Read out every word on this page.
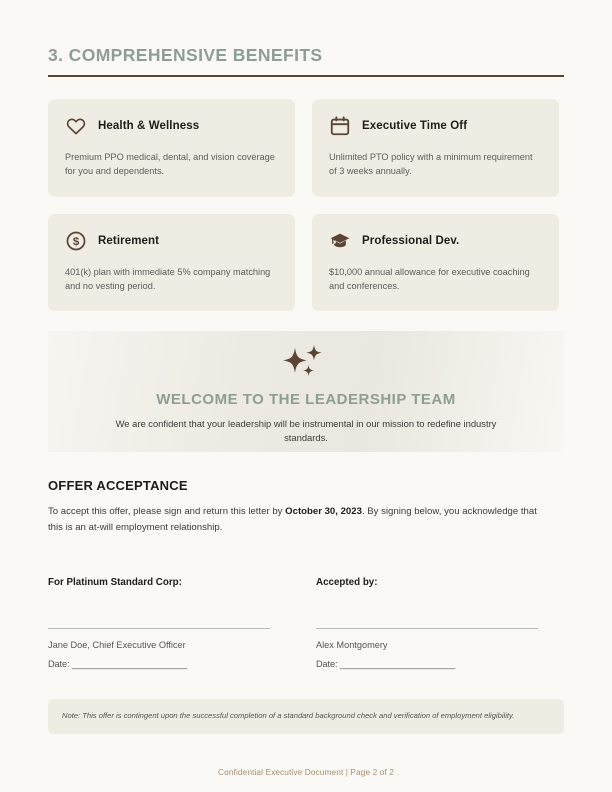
3. COMPREHENSIVE BENEFITS
Health & Wellness
Premium PPO medical, dental, and vision coverage for you and dependents.
Executive Time Off
Unlimited PTO policy with a minimum requirement of 3 weeks annually.
$ Retirement
401(k) plan with immediate 5% company matching and no vesting period.
Professional Dev.
$10,000 annual allowance for executive coaching and conferences.
WELCOME TO THE LEADERSHIP TEAM
We are confident that your leadership will be instrumental in our mission to redefine industry standards.
OFFER ACCEPTANCE
To accept this offer, please sign and return this letter by October 30, 2023. By signing below, you acknowledge that this is an at-will employment relationship.
For Platinum Standard Corp:
Jane Doe, Chief Executive Officer
Date: _______________________
Accepted by:
Alex Montgomery
Date: _______________________
Note: This offer is contingent upon the successful completion of a standard background check and verification of employment eligibility.
Confidential Executive Document | Page 2 of 2
